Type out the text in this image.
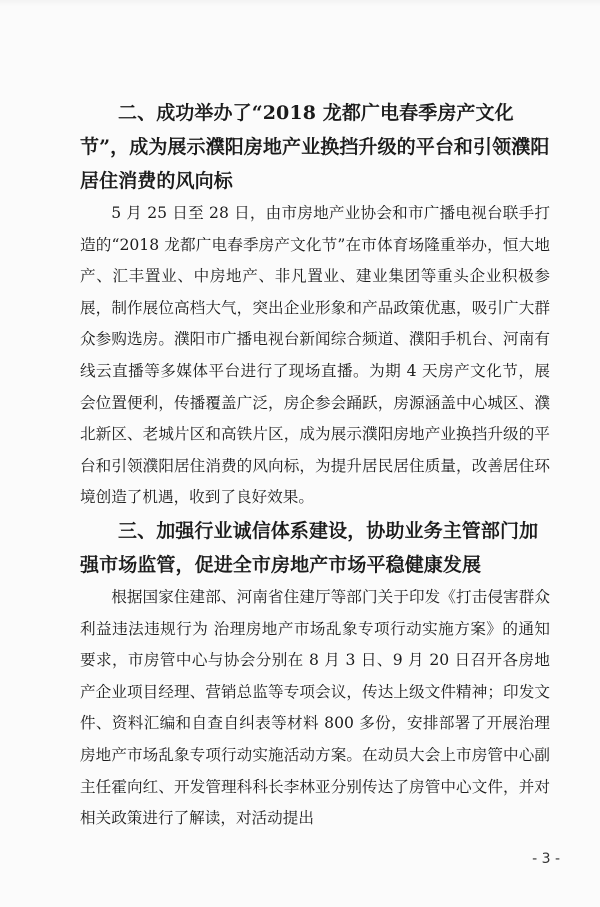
二、成功举办了“2018 龙都广电春季房产文化节”，成为展示濮阳房地产业换挡升级的平台和引领濮阳居住消费的风向标

5 月 25 日至 28 日，由市房地产业协会和市广播电视台联手打造的“2018 龙都广电春季房产文化节”在市体育场隆重举办，恒大地产、汇丰置业、中房地产、非凡置业、建业集团等重头企业积极参展，制作展位高档大气，突出企业形象和产品政策优惠，吸引广大群众参购选房。濮阳市广播电视台新闻综合频道、濮阳手机台、河南有线云直播等多媒体平台进行了现场直播。为期 4 天房产文化节，展会位置便利，传播覆盖广泛，房企参会踊跃，房源涵盖中心城区、濮北新区、老城片区和高铁片区，成为展示濮阳房地产业换挡升级的平台和引领濮阳居住消费的风向标，为提升居民居住质量，改善居住环境创造了机遇，收到了良好效果。

三、加强行业诚信体系建设，协助业务主管部门加强市场监管，促进全市房地产市场平稳健康发展

根据国家住建部、河南省住建厅等部门关于印发《打击侵害群众利益违法违规行为 治理房地产市场乱象专项行动实施方案》的通知要求，市房管中心与协会分别在 8 月 3 日、9 月 20 日召开各房地产企业项目经理、营销总监等专项会议，传达上级文件精神；印发文件、资料汇编和自查自纠表等材料 800 多份，安排部署了开展治理房地产市场乱象专项行动实施活动方案。在动员大会上市房管中心副主任霍向红、开发管理科科长李林亚分别传达了房管中心文件，并对相关政策进行了解读，对活动提出

- 3 -
